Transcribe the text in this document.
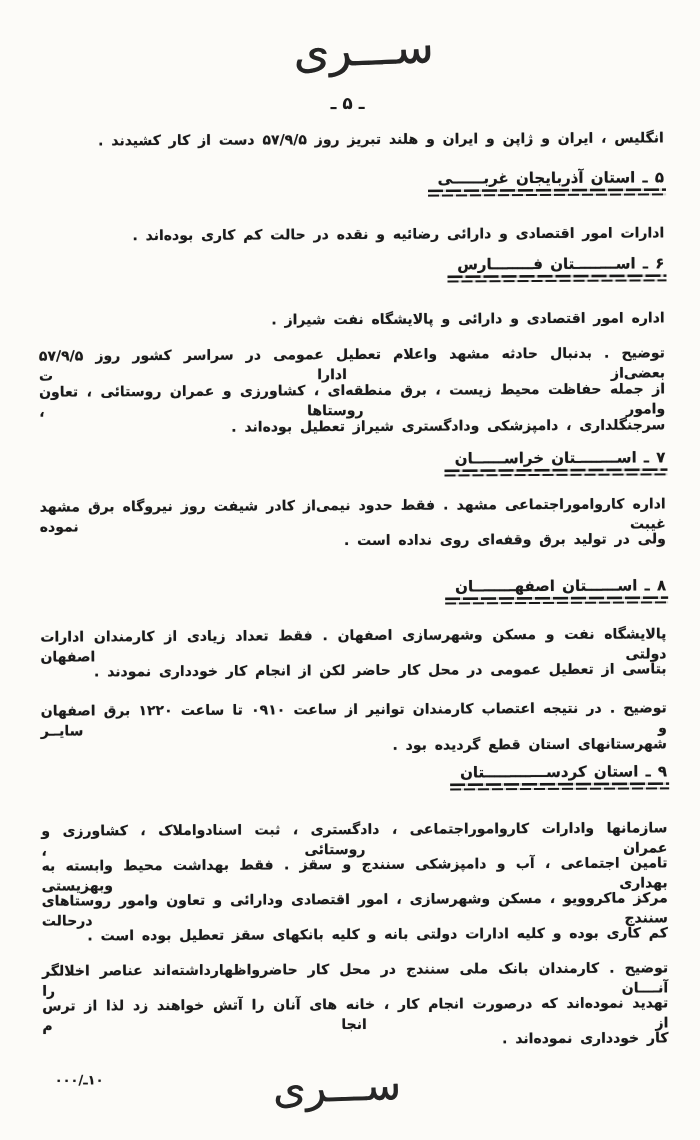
ســـری
ـ ۵ ـ
انگلیس ، ایران و ژاپن و ایران و هلند تبریز روز ۵۷/۹/۵ دست از کار کشیدند .
۵ ـ استان آذربایجان غربــــــی
ادارات امور اقتصادی و دارائی رضائیه و نقده در حالت کم کاری بوده‌اند .
۶ ـ اســــــــتان فــــــــارس
اداره امور اقتصادی و دارائی و پالایشگاه نفت شیراز .
توضیح . بدنبال حادثه مشهد واعلام تعطیل عمومی در سراسر کشور روز ۵۷/۹/۵ بعضی‌از ادارا ت
از جمله حفاظت محیط زیست ، برق منطقه‌ای ، کشاورزی و عمران روستائی ، تعاون وامور روستاها ،
سرجنگلداری ، دامپزشکی ودادگستری شیراز تعطیل بوده‌اند .
۷ ـ اســــــــتان خراســــــان
اداره کارواموراجتماعی مشهد . فقط حدود نیمی‌از کادر شیفت روز نیروگاه برق مشهد غیبت نموده
ولی در تولید برق وقفه‌ای روی نداده است .
۸ ـ اســــــتان اصفهــــــــان
پالایشگاه نفت و مسکن وشهرسازی اصفهان . فقط تعداد زیادی از کارمندان ادارات دولتی اصفهان
بتاسی از تعطیل عمومی در محل کار حاضر لکن از انجام کار خودداری نمودند .
توضیح . در نتیجه اعتصاب کارمندان توانیر از ساعت ۰۹۱۰ تا ساعت ۱۲۲۰ برق اصفهان و سایــر
شهرستانهای استان قطع گردیده بود .
۹ ـ استان کردســــــــــــتان
سازمانها وادارات کارواموراجتماعی ، دادگستری ، ثبت اسنادواملاک ، کشاورزی و عمران روستائی ،
تامین اجتماعی ، آب و دامپزشکی سنندج و سقز . فقط بهداشت محیط وابسته به بهداری وبهزیستی
مرکز ماکروویو ، مسکن وشهرسازی ، امور اقتصادی ودارائی و تعاون وامور روستاهای سنندج درحالت
کم کاری بوده و کلیه ادارات دولتی بانه و کلیه بانکهای سقز تعطیل بوده است .
توضیح . کارمندان بانک ملی سنندج در محل کار حاضرواظهارداشته‌اند عناصر اخلالگر آنــــان را
تهدید نموده‌اند که درصورت انجام کار ، خانه های آنان را آتش خواهند زد لذا از ترس از انجا م
کار خودداری نموده‌اند .
۰۰۰/ـ۱۰	ســـری
